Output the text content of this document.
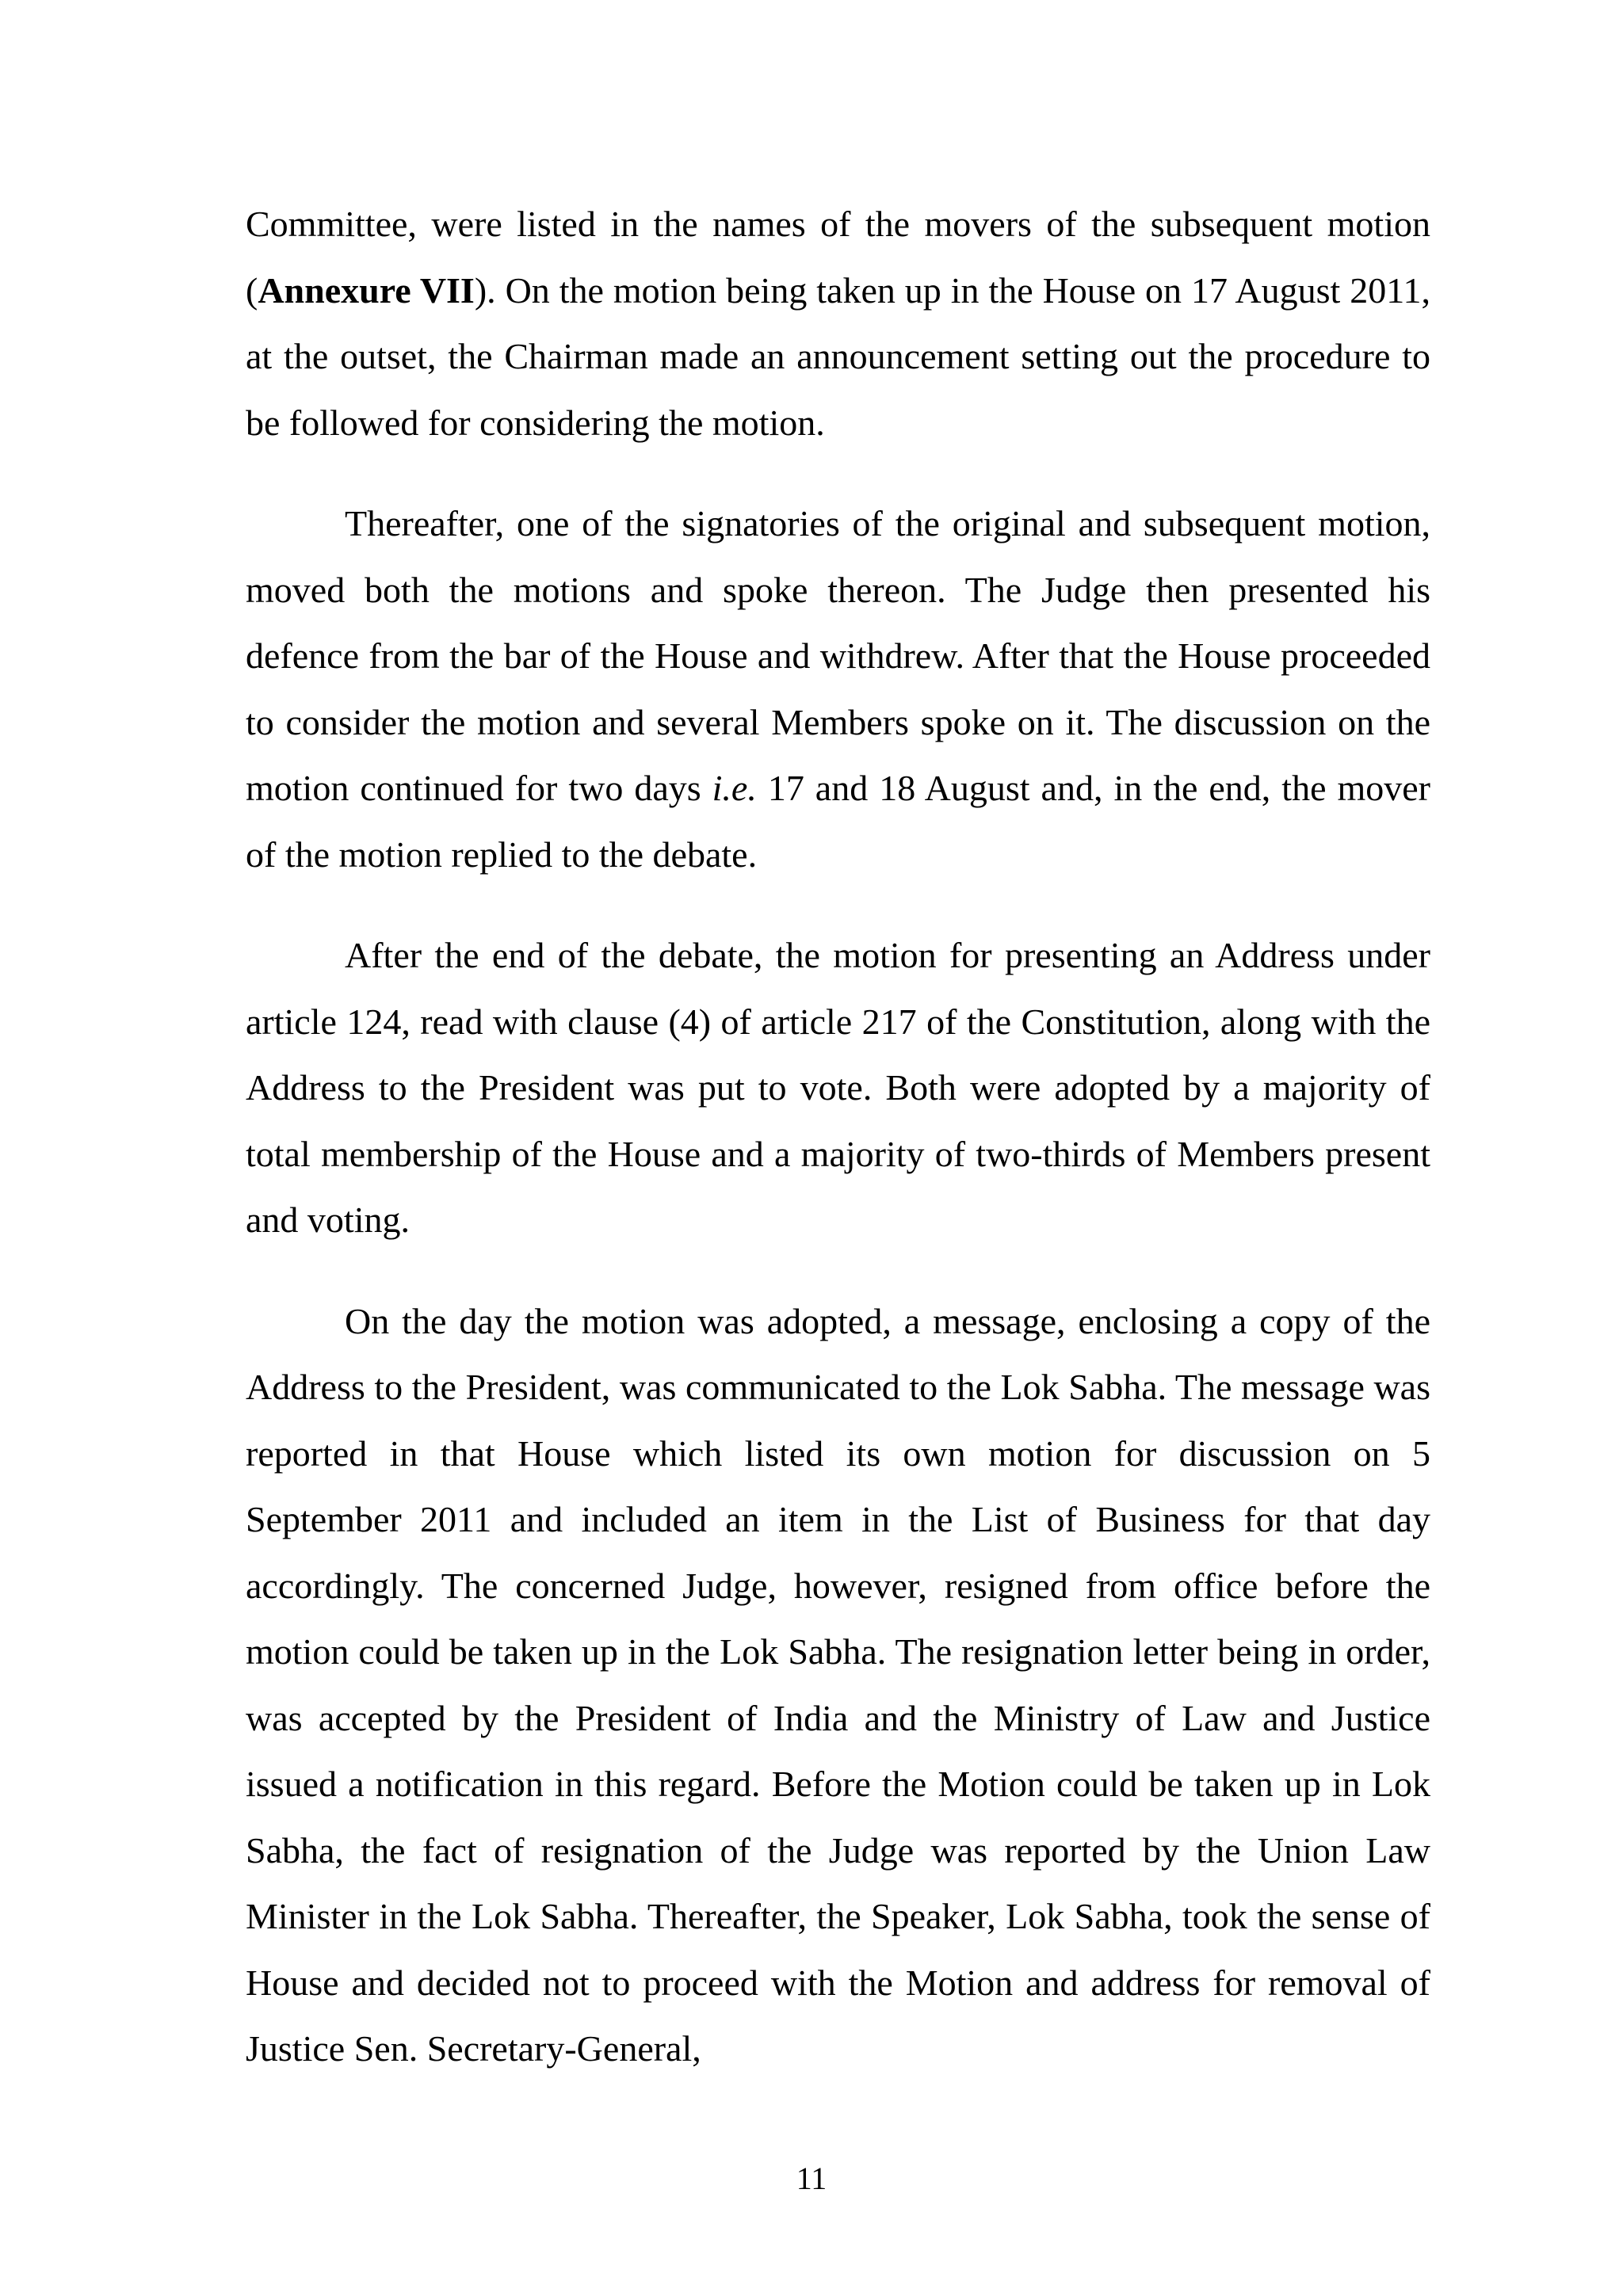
Committee, were listed in the names of the movers of the subsequent motion (Annexure VII). On the motion being taken up in the House on 17 August 2011, at the outset, the Chairman made an announcement setting out the procedure to be followed for considering the motion.

Thereafter, one of the signatories of the original and subsequent motion, moved both the motions and spoke thereon. The Judge then presented his defence from the bar of the House and withdrew. After that the House proceeded to consider the motion and several Members spoke on it. The discussion on the motion continued for two days i.e. 17 and 18 August and, in the end, the mover of the motion replied to the debate.

After the end of the debate, the motion for presenting an Address under article 124, read with clause (4) of article 217 of the Constitution, along with the Address to the President was put to vote. Both were adopted by a majority of total membership of the House and a majority of two-thirds of Members present and voting.

On the day the motion was adopted, a message, enclosing a copy of the Address to the President, was communicated to the Lok Sabha. The message was reported in that House which listed its own motion for discussion on 5 September 2011 and included an item in the List of Business for that day accordingly. The concerned Judge, however, resigned from office before the motion could be taken up in the Lok Sabha. The resignation letter being in order, was accepted by the President of India and the Ministry of Law and Justice issued a notification in this regard. Before the Motion could be taken up in Lok Sabha, the fact of resignation of the Judge was reported by the Union Law Minister in the Lok Sabha. Thereafter, the Speaker, Lok Sabha, took the sense of House and decided not to proceed with the Motion and address for removal of Justice Sen. Secretary-General,

11
